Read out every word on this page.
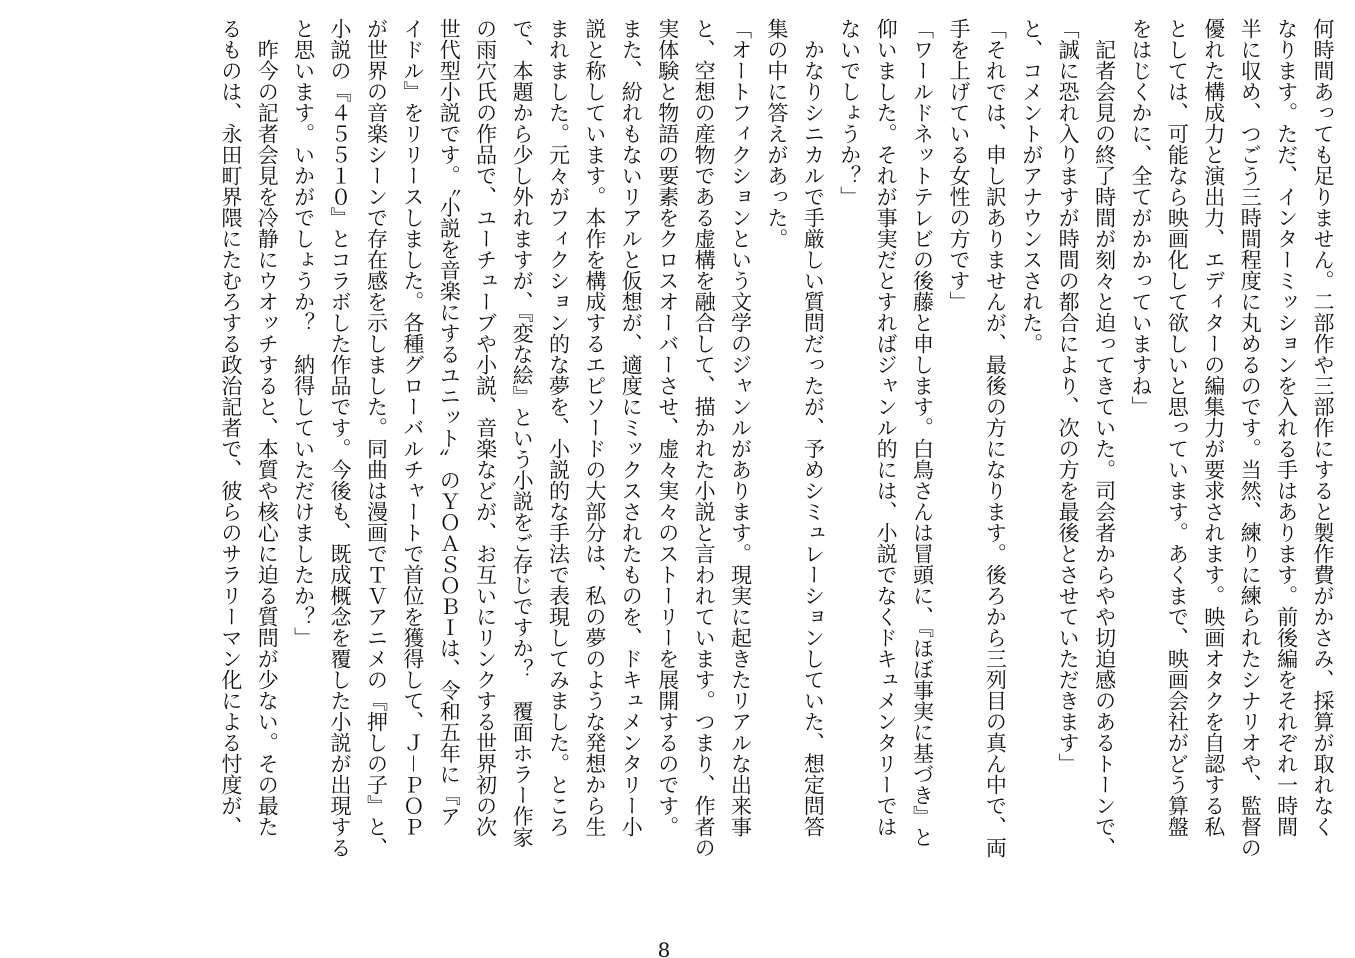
何時間あっても足りません。二部作や三部作にすると製作費がかさみ、採算が取れなく
なります。ただ、インターミッションを入れる手はあります。前後編をそれぞれ一時間
半に収め、つごう三時間程度に丸めるのです。当然、練りに練られたシナリオや、監督の
優れた構成力と演出力、エディターの編集力が要求されます。映画オタクを自認する私
としては、可能なら映画化して欲しいと思っています。あくまで、映画会社がどう算盤
をはじくかに、全てがかかっていますね」
記者会見の終了時間が刻々と迫ってきていた。司会者からやや切迫感のあるトーンで、
「誠に恐れ入りますが時間の都合により、次の方を最後とさせていただきます」
と、コメントがアナウンスされた。
「それでは、申し訳ありませんが、最後の方になります。後ろから三列目の真ん中で、両
手を上げている女性の方です」
「ワールドネットテレビの後藤と申します。白鳥さんは冒頭に、『ほぼ事実に基づき』と
仰いました。それが事実だとすればジャンル的には、小説でなくドキュメンタリーでは
ないでしょうか？」
かなりシニカルで手厳しい質問だったが、予めシミュレーションしていた、想定問答
集の中に答えがあった。
「オートフィクションという文学のジャンルがあります。現実に起きたリアルな出来事
と、空想の産物である虚構を融合して、描かれた小説と言われています。つまり、作者の
実体験と物語の要素をクロスオーバーさせ、虚々実々のストーリーを展開するのです。
また、紛れもないリアルと仮想が、適度にミックスされたものを、ドキュメンタリー小
説と称しています。本作を構成するエピソードの大部分は、私の夢のような発想から生
まれました。元々がフィクション的な夢を、小説的な手法で表現してみました。ところ
で、本題から少し外れますが、『変な絵』という小説をご存じですか？　覆面ホラー作家
の雨穴氏の作品で、ユーチューブや小説、音楽などが、お互いにリンクする世界初の次
世代型小説です。〝小説を音楽にするユニット〟のＹＯＡＳＯＢＩは、令和五年に『ア
イドル』をリリースしました。各種グローバルチャートで首位を獲得して、Ｊ－ＰＯＰ
が世界の音楽シーンで存在感を示しました。同曲は漫画でＴＶアニメの『押しの子』と、
小説の『４５５１０』とコラボした作品です。今後も、既成概念を覆した小説が出現する
と思います。いかがでしょうか？　納得していただけましたか？」
昨今の記者会見を冷静にウオッチすると、本質や核心に迫る質問が少ない。その最た
るものは、永田町界隈にたむろする政治記者で、彼らのサラリーマン化による忖度が、
8
